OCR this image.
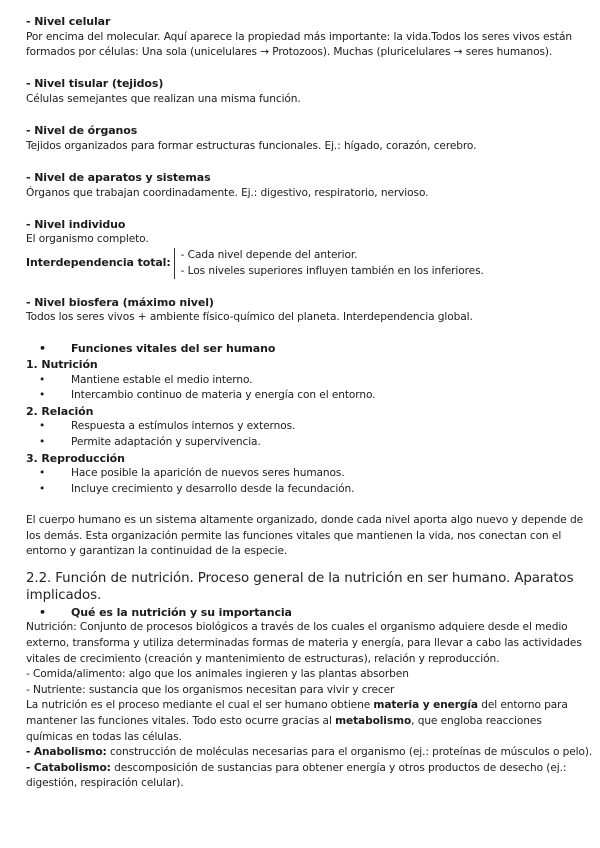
- Nivel celular
Por encima del molecular. Aquí aparece la propiedad más importante: la vida.Todos los seres vivos están
formados por células: Una sola (unicelulares → Protozoos). Muchas (pluricelulares → seres humanos).
- Nivel tisular (tejidos)
Células semejantes que realizan una misma función.
- Nivel de órganos
Tejidos organizados para formar estructuras funcionales. Ej.: hígado, corazón, cerebro.
- Nivel de aparatos y sistemas
Órganos que trabajan coordinadamente. Ej.: digestivo, respiratorio, nervioso.
- Nivel individuo
El organismo completo.
Interdependencia total:
- Cada nivel depende del anterior.
- Los niveles superiores influyen también en los inferiores.
- Nivel biosfera (máximo nivel)
Todos los seres vivos + ambiente físico-químico del planeta. Interdependencia global.
• Funciones vitales del ser humano
1. Nutrición
• Mantiene estable el medio interno.
• Intercambio continuo de materia y energía con el entorno.
2. Relación
• Respuesta a estímulos internos y externos.
• Permite adaptación y supervivencia.
3. Reproducción
• Hace posible la aparición de nuevos seres humanos.
• Incluye crecimiento y desarrollo desde la fecundación.
El cuerpo humano es un sistema altamente organizado, donde cada nivel aporta algo nuevo y depende de
los demás. Esta organización permite las funciones vitales que mantienen la vida, nos conectan con el
entorno y garantizan la continuidad de la especie.
2.2. Función de nutrición. Proceso general de la nutrición en ser humano. Aparatos
implicados.
• Qué es la nutrición y su importancia
Nutrición: Conjunto de procesos biológicos a través de los cuales el organismo adquiere desde el medio
externo, transforma y utiliza determinadas formas de materia y energía, para llevar a cabo las actividades
vitales de crecimiento (creación y mantenimiento de estructuras), relación y reproducción.
- Comida/alimento: algo que los animales ingieren y las plantas absorben
- Nutriente: sustancia que los organismos necesitan para vivir y crecer
La nutrición es el proceso mediante el cual el ser humano obtiene materia y energía del entorno para
mantener las funciones vitales. Todo esto ocurre gracias al metabolismo, que engloba reacciones
químicas en todas las células.
- Anabolismo: construcción de moléculas necesarias para el organismo (ej.: proteínas de músculos o pelo).
- Catabolismo: descomposición de sustancias para obtener energía y otros productos de desecho (ej.:
digestión, respiración celular).
